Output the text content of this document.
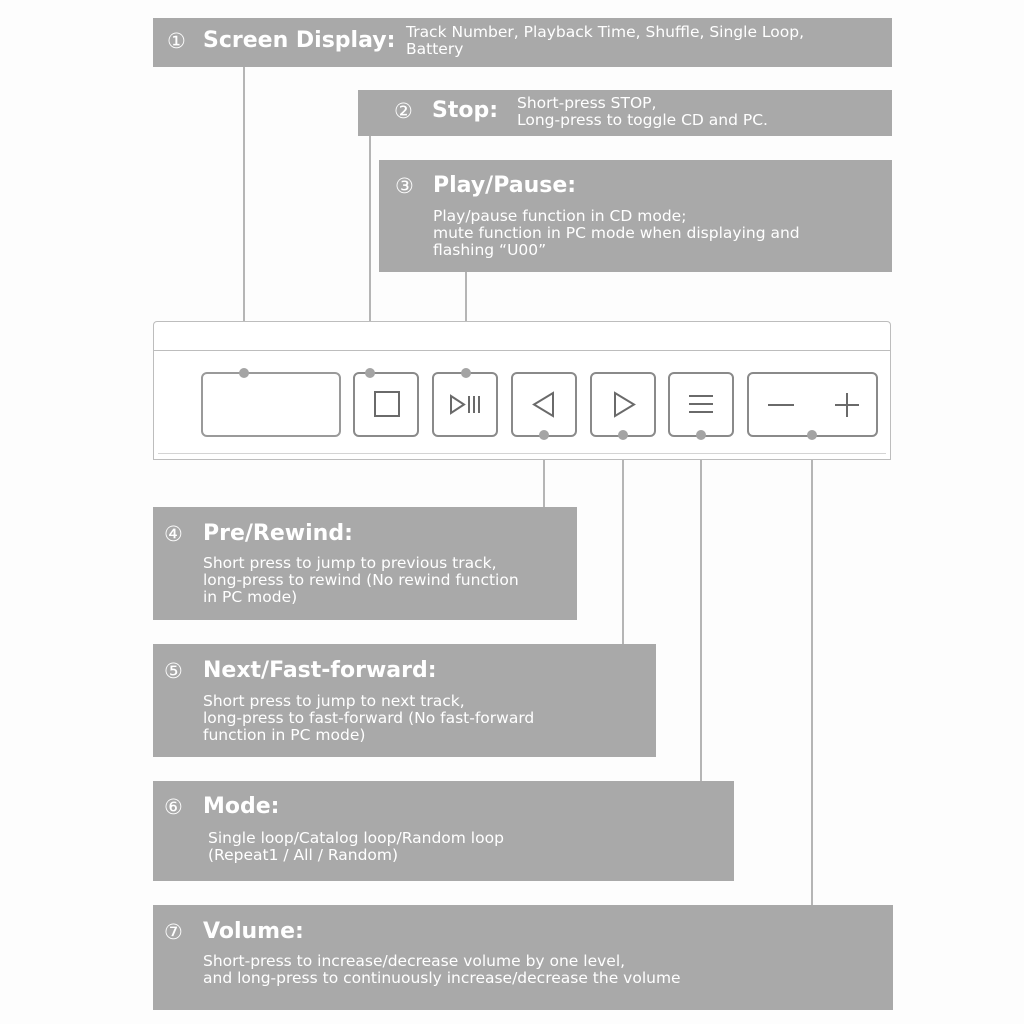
① Screen Display: Track Number, Playback Time, Shuffle, Single Loop,
Battery
② Stop: Short-press STOP,
Long-press to toggle CD and PC.
③ Play/Pause:
Play/pause function in CD mode;
mute function in PC mode when displaying and
flashing “U00”
④ Pre/Rewind:
Short press to jump to previous track,
long-press to rewind (No rewind function
in PC mode)
⑤ Next/Fast-forward:
Short press to jump to next track,
long-press to fast-forward (No fast-forward
function in PC mode)
⑥ Mode:
Single loop/Catalog loop/Random loop
(Repeat1 / All / Random)
⑦ Volume:
Short-press to increase/decrease volume by one level,
and long-press to continuously increase/decrease the volume
